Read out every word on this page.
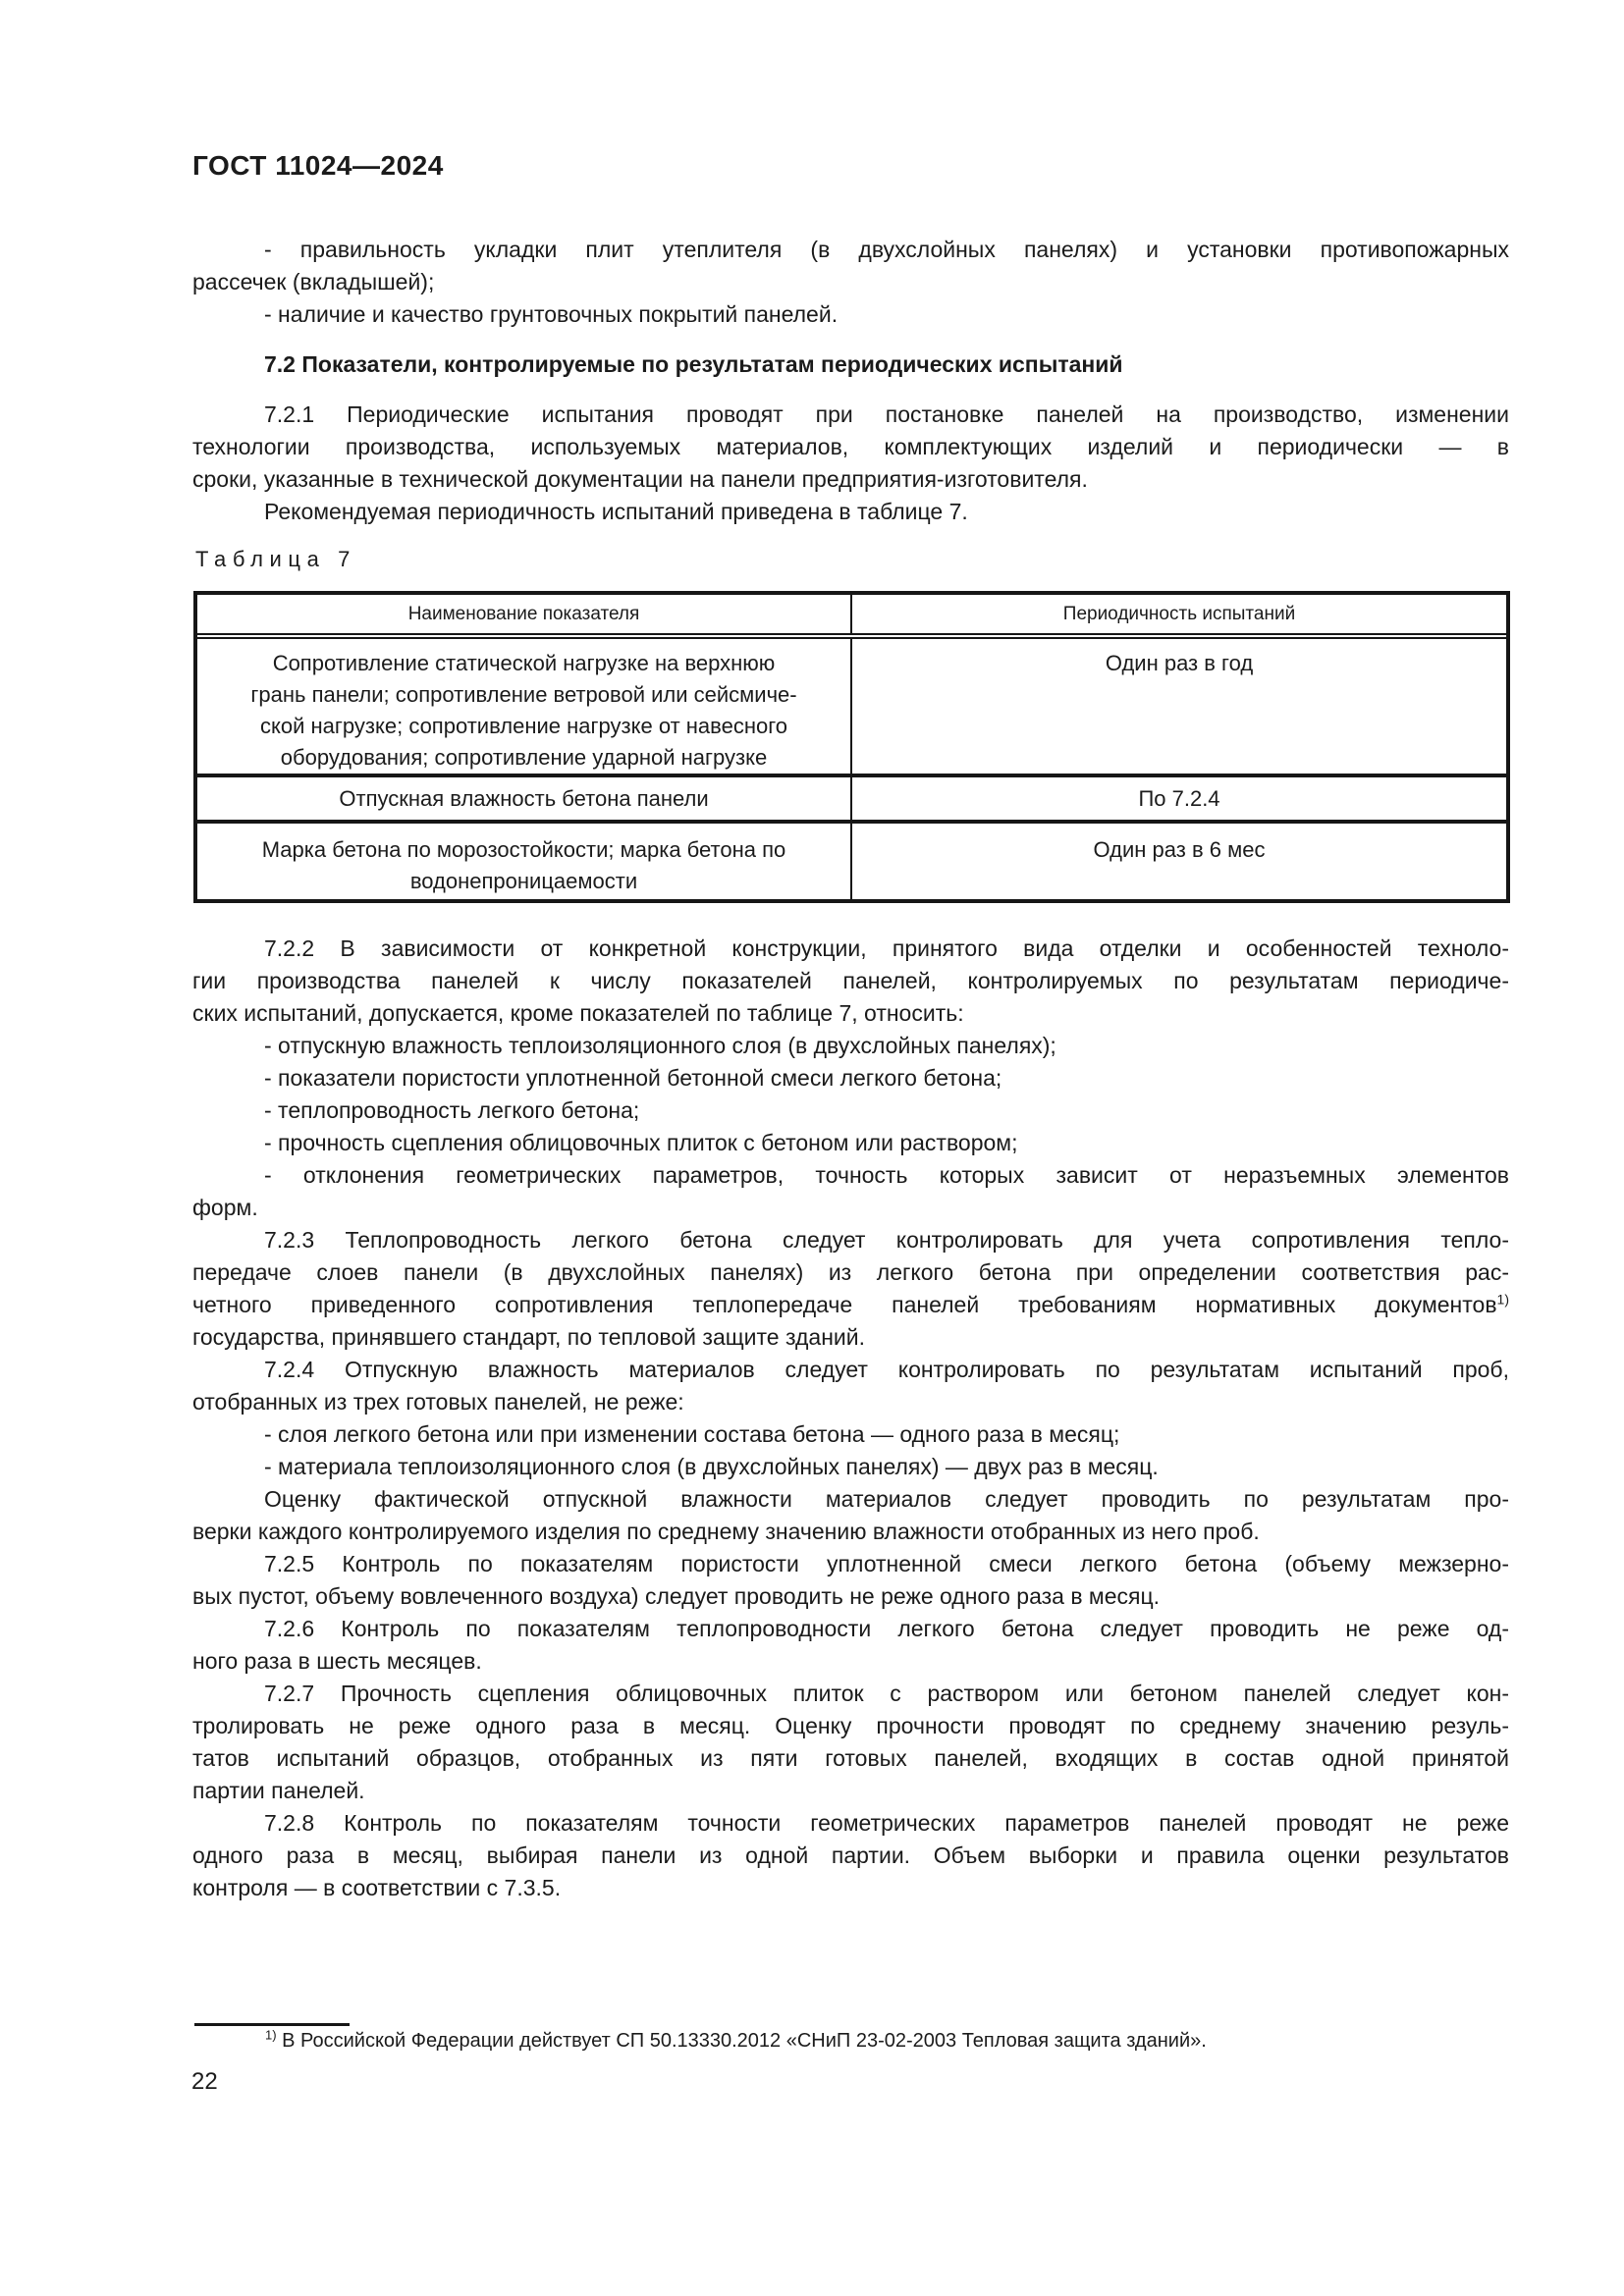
ГОСТ 11024—2024
- правильность укладки плит утеплителя (в двухслойных панелях) и установки противопожарных
рассечек (вкладышей);
- наличие и качество грунтовочных покрытий панелей.
7.2 Показатели, контролируемые по результатам периодических испытаний
7.2.1 Периодические испытания проводят при постановке панелей на производство, изменении
технологии производства, используемых материалов, комплектующих изделий и периодически — в
сроки, указанные в технической документации на панели предприятия-изготовителя.
Рекомендуемая периодичность испытаний приведена в таблице 7.
Таблица 7
Наименование показателя	Периодичность испытаний
Сопротивление статической нагрузке на верхнюю
грань панели; сопротивление ветровой или сейсмиче-
ской нагрузке; сопротивление нагрузке от навесного
оборудования; сопротивление ударной нагрузке
Один раз в год
Отпускная влажность бетона панели	По 7.2.4
Марка бетона по морозостойкости; марка бетона по
водонепроницаемости
Один раз в 6 мес
7.2.2 В зависимости от конкретной конструкции, принятого вида отделки и особенностей техноло-
гии производства панелей к числу показателей панелей, контролируемых по результатам периодиче-
ских испытаний, допускается, кроме показателей по таблице 7, относить:
- отпускную влажность теплоизоляционного слоя (в двухслойных панелях);
- показатели пористости уплотненной бетонной смеси легкого бетона;
- теплопроводность легкого бетона;
- прочность сцепления облицовочных плиток с бетоном или раствором;
- отклонения геометрических параметров, точность которых зависит от неразъемных элементов
форм.
7.2.3 Теплопроводность легкого бетона следует контролировать для учета сопротивления тепло-
передаче слоев панели (в двухслойных панелях) из легкого бетона при определении соответствия рас-
четного приведенного сопротивления теплопередаче панелей требованиям нормативных документов$^{1)}$
государства, принявшего стандарт, по тепловой защите зданий.
7.2.4 Отпускную влажность материалов следует контролировать по результатам испытаний проб,
отобранных из трех готовых панелей, не реже:
- слоя легкого бетона или при изменении состава бетона — одного раза в месяц;
- материала теплоизоляционного слоя (в двухслойных панелях) — двух раз в месяц.
Оценку фактической отпускной влажности материалов следует проводить по результатам про-
верки каждого контролируемого изделия по среднему значению влажности отобранных из него проб.
7.2.5 Контроль по показателям пористости уплотненной смеси легкого бетона (объему межзерно-
вых пустот, объему вовлеченного воздуха) следует проводить не реже одного раза в месяц.
7.2.6 Контроль по показателям теплопроводности легкого бетона следует проводить не реже од-
ного раза в шесть месяцев.
7.2.7 Прочность сцепления облицовочных плиток с раствором или бетоном панелей следует кон-
тролировать не реже одного раза в месяц. Оценку прочности проводят по среднему значению резуль-
татов испытаний образцов, отобранных из пяти готовых панелей, входящих в состав одной принятой
партии панелей.
7.2.8 Контроль по показателям точности геометрических параметров панелей проводят не реже
одного раза в месяц, выбирая панели из одной партии. Объем выборки и правила оценки результатов
контроля — в соответствии с 7.3.5.
$^{1)}$ В Российской Федерации действует СП 50.13330.2012 «СНиП 23-02-2003 Тепловая защита зданий».
22
